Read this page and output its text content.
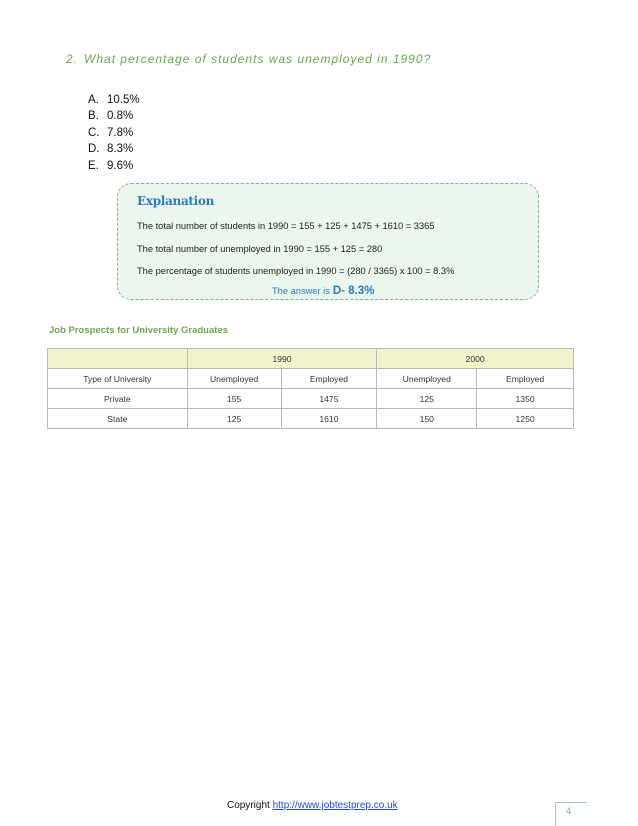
2. What percentage of students was unemployed in 1990?
A. 10.5%
B. 0.8%
C. 7.8%
D. 8.3%
E. 9.6%
Explanation
The total number of students in 1990 = 155 + 125 + 1475 + 1610 = 3365
The total number of unemployed in 1990 = 155 + 125 = 280
The percentage of students unemployed in 1990 = (280 / 3365) x 100 = 8.3%
The answer is D- 8.3%
Job Prospects for University Graduates
	1990		2000	
Type of University	Unemployed	Employed	Unemployed	Employed
Private	155	1475	125	1350
State	125	1610	150	1250
Copyright http://www.jobtestprep.co.uk
4
